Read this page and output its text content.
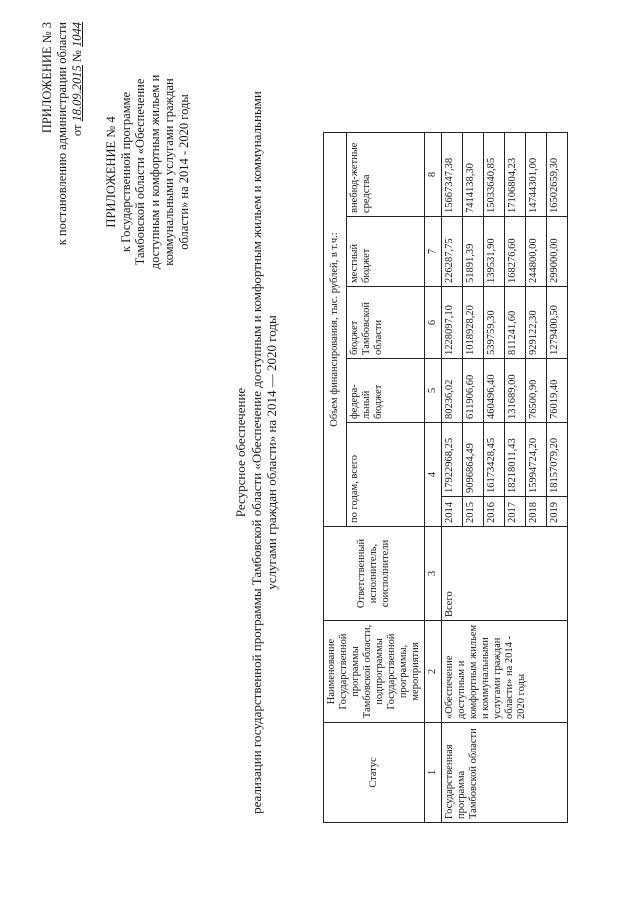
ПРИЛОЖЕНИЕ № 3 к постановлению администрации области от 18.09.2015 № 1044
ПРИЛОЖЕНИЕ № 4 к Государственной программе Тамбовской области «Обеспечение доступным и комфортным жильем и коммунальными услугами граждан области» на 2014 - 2020 годы
Ресурсное обеспечение реализации государственной программы Тамбовской области «Обеспечение доступным и комфортным жильем и коммунальными услугами граждан области» на 2014 — 2020 годы
Статус	Наименование Государственной программы Тамбовской области, подпрограммы Государственной программы, мероприятия	Ответственный исполнитель, соисполнители	Объем финансирования, тыс. рублей, в т.ч.:					
			по годам, всего		федера-льный бюджет	бюджет Тамбовской области	местный бюджет	внебюд-жетные средства
1	2	3	4		5	6	7	8
Государственная программа Тамбовской области	«Обеспечение доступным и комфортным жильем и коммунальными услугами граждан области» на 2014 - 2020 годы	Всего	2014	17922968,25	80236,02	1228097,10	226287,75	15667347,38
			2015	9096864,49	611906,60	1018928,20	51891,39	7414138,30
			2016	16173428,45	460496,40	539759,30	139531,90	15033640,85
			2017	18218011,43	131689,00	811241,60	168276,60	17106804,23
			2018	15994724,20	76500,90	929122,30	244800,00	14744301,00
			2019	18157079,20	76019,40	1279400,50	299000,00	16502659,30
